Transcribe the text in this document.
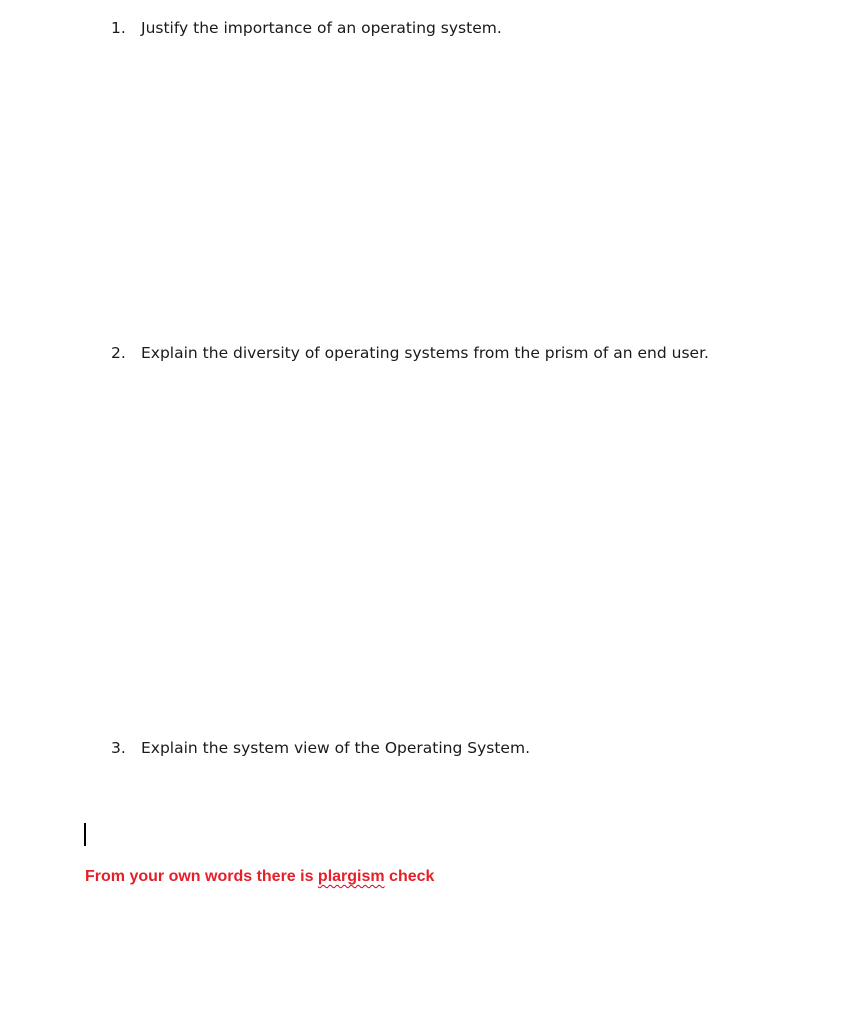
1. Justify the importance of an operating system.
2. Explain the diversity of operating systems from the prism of an end user.
3. Explain the system view of the Operating System.
From your own words there is plargism check
